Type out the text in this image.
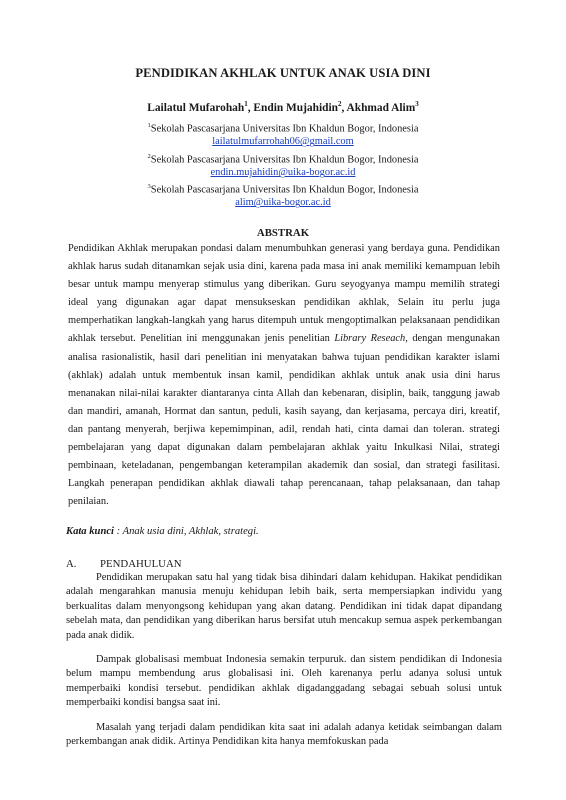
PENDIDIKAN AKHLAK UNTUK ANAK USIA DINI
Lailatul Mufarohah$^1$, Endin Mujahidin$^2$, Akhmad Alim$^3$
$^1$Sekolah Pascasarjana Universitas Ibn Khaldun Bogor, Indonesia
lailatulmufarrohah06@gmail.com
$^2$Sekolah Pascasarjana Universitas Ibn Khaldun Bogor, Indonesia
endin.mujahidin@uika-bogor.ac.id
$^3$Sekolah Pascasarjana Universitas Ibn Khaldun Bogor, Indonesia
alim@uika-bogor.ac.id
ABSTRAK

Pendidikan Akhlak merupakan pondasi dalam menumbuhkan generasi yang berdaya guna. Pendidikan akhlak harus sudah ditanamkan sejak usia dini, karena pada masa ini anak memiliki kemampuan lebih besar untuk mampu menyerap stimulus yang diberikan. Guru seyogyanya mampu memilih strategi ideal yang digunakan agar dapat mensukseskan pendidikan akhlak, Selain itu perlu juga memperhatikan langkah-langkah yang harus ditempuh untuk mengoptimalkan pelaksanaan pendidikan akhlak tersebut. Penelitian ini menggunakan jenis penelitian Library Reseach, dengan mengunakan analisa rasionalistik, hasil dari penelitian ini menyatakan bahwa tujuan pendidikan karakter islami (akhlak) adalah untuk membentuk insan kamil, pendidikan akhlak untuk anak usia dini harus menanakan nilai-nilai karakter diantaranya cinta Allah dan kebenaran, disiplin, baik, tanggung jawab dan mandiri, amanah, Hormat dan santun, peduli, kasih sayang, dan kerjasama, percaya diri, kreatif, dan pantang menyerah, berjiwa kepemimpinan, adil, rendah hati, cinta damai dan toleran. strategi pembelajaran yang dapat digunakan dalam pembelajaran akhlak yaitu Inkulkasi Nilai, strategi pembinaan, keteladanan, pengembangan keterampilan akademik dan sosial, dan strategi fasilitasi. Langkah penerapan pendidikan akhlak diawali tahap perencanaan, tahap pelaksanaan, dan tahap penilaian.

Kata kunci : Anak usia dini, Akhlak, strategi.
A. PENDAHULUAN

Pendidikan merupakan satu hal yang tidak bisa dihindari dalam kehidupan. Hakikat pendidikan adalah mengarahkan manusia menuju kehidupan lebih baik, serta mempersiapkan individu yang berkualitas dalam menyongsong kehidupan yang akan datang. Pendidikan ini tidak dapat dipandang sebelah mata, dan pendidikan yang diberikan harus bersifat utuh mencakup semua aspek perkembangan pada anak didik.

Dampak globalisasi membuat Indonesia semakin terpuruk. dan sistem pendidikan di Indonesia belum mampu membendung arus globalisasi ini. Oleh karenanya perlu adanya solusi untuk memperbaiki kondisi tersebut. pendidikan akhlak digadanggadang sebagai sebuah solusi untuk memperbaiki kondisi bangsa saat ini.

Masalah yang terjadi dalam pendidikan kita saat ini adalah adanya ketidak seimbangan dalam perkembangan anak didik. Artinya Pendidikan kita hanya memfokuskan pada
